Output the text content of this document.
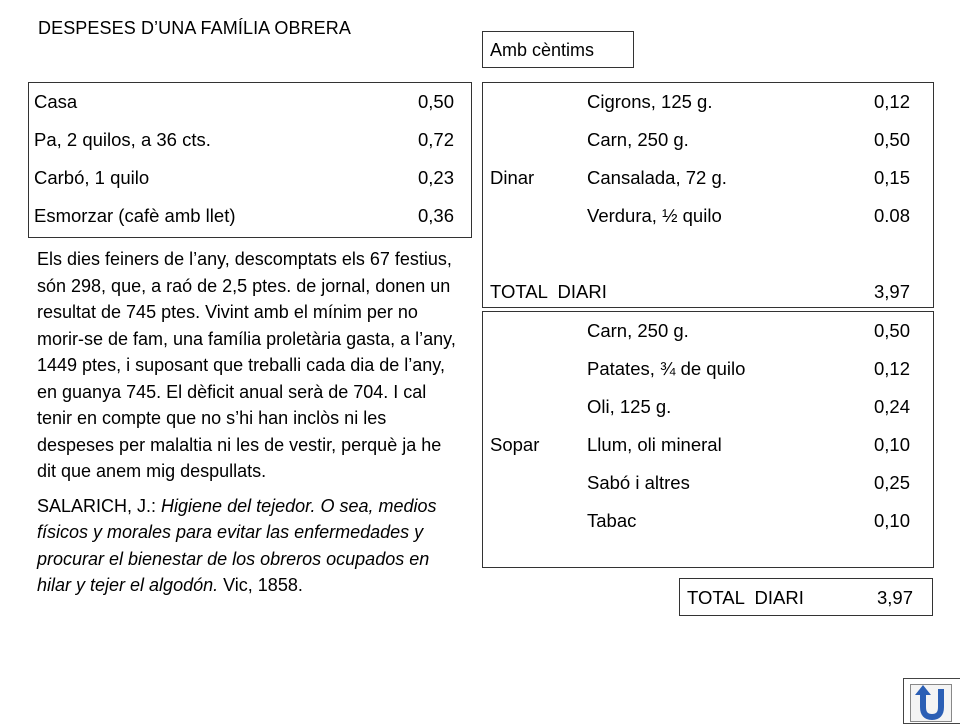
DESPESES D’UNA FAMÍLIA OBRERA
Amb cèntims
Casa	0,50
Pa, 2 quilos, a 36 cts.	0,72
Carbó, 1 quilo	0,23
Esmorzar (cafè amb llet)	0,36
Cigrons, 125 g.	0,12
Carn, 250 g.	0,50
Dinar	Cansalada, 72 g.	0,15
Verdura, ½ quilo	0.08
TOTAL  DIARI	3,97
Carn, 250 g.	0,50
Patates, ¾ de quilo	0,12
Oli, 125 g.	0,24
Sopar	Llum, oli mineral	0,10
Sabó i altres	0,25
Tabac	0,10
TOTAL  DIARI	3,97

Els dies feiners de l’any, descomptats els 67 festius, són 298, que, a raó de 2,5 ptes. de jornal, donen un resultat de 745 ptes. Vivint amb el mínim per no morir-se de fam, una família proletària gasta, a l’any, 1449 ptes, i suposant que treballi cada dia de l’any, en guanya 745. El dèficit anual serà de 704. I cal tenir en compte que no s’hi han inclòs ni les despeses per malaltia ni les de vestir, perquè ja he dit que anem mig despullats.

SALARICH, J.: Higiene del tejedor. O sea, medios físicos y morales para evitar las enfermedades y procurar el bienestar de los obreros ocupados en hilar y tejer el algodón. Vic, 1858.
